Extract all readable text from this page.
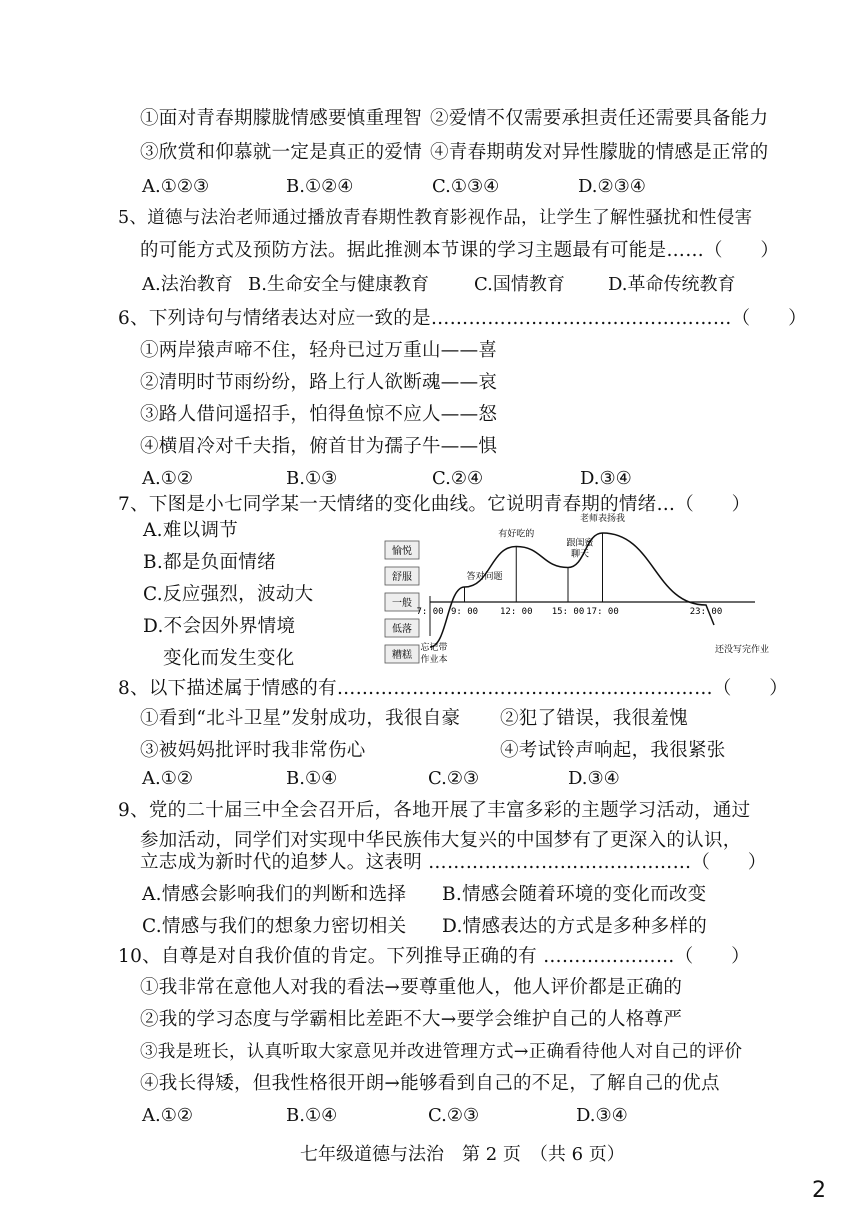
①面对青春期朦胧情感要慎重理智 ②爱情不仅需要承担责任还需要具备能力
③欣赏和仰慕就一定是真正的爱情 ④青春期萌发对异性朦胧的情感是正常的
A.①②③	B.①②④	C.①③④	D.②③④
5、道德与法治老师通过播放青春期性教育影视作品，让学生了解性骚扰和性侵害
的可能方式及预防方法。据此推测本节课的学习主题最有可能是……（　　）
A.法治教育 B.生命安全与健康教育	C.国情教育 D.革命传统教育
6、下列诗句与情绪表达对应一致的是…………………………………………（　　）
①两岸猿声啼不住，轻舟已过万重山——喜
②清明时节雨纷纷，路上行人欲断魂——哀
③路人借问遥招手，怕得鱼惊不应人——怒
④横眉冷对千夫指，俯首甘为孺子牛——惧
A.①②	B.①③	C.②④	D.③④
7、下图是小七同学某一天情绪的变化曲线。它说明青春期的情绪…（　　）
A.难以调节
B.都是负面情绪
C.反应强烈，波动大
D.不会因外界情境
变化而发生变化
愉悦
舒服
一般
低落
糟糕
7: 00 9: 00 12: 00 15: 00 17: 00	23: 00
答对问题
有好吃的
跟闺蜜
聊天
老师表扬我
忘记带
作业本
还没写完作业
8、以下描述属于情感的有……………………………………………………（　　）
①看到“北斗卫星”发射成功，我很自豪 ②犯了错误，我很羞愧
③被妈妈批评时我非常伤心	④考试铃声响起，我很紧张
A.①②	B.①④	C.②③	D.③④
9、党的二十届三中全会召开后，各地开展了丰富多彩的主题学习活动，通过
参加活动，同学们对实现中华民族伟大复兴的中国梦有了更深入的认识，
立志成为新时代的追梦人。这表明 ……………………………………（　　）
A.情感会影响我们的判断和选择 B.情感会随着环境的变化而改变
C.情感与我们的想象力密切相关 D.情感表达的方式是多种多样的
10、自尊是对自我价值的肯定。下列推导正确的有 …………………（　　）
①我非常在意他人对我的看法→要尊重他人，他人评价都是正确的
②我的学习态度与学霸相比差距不大→要学会维护自己的人格尊严
③我是班长，认真听取大家意见并改进管理方式→正确看待他人对自己的评价
④我长得矮，但我性格很开朗→能够看到自己的不足，了解自己的优点
A.①②	B.①④	C.②③	D.③④
七年级道德与法治　第 2 页　（共 6 页）
2
